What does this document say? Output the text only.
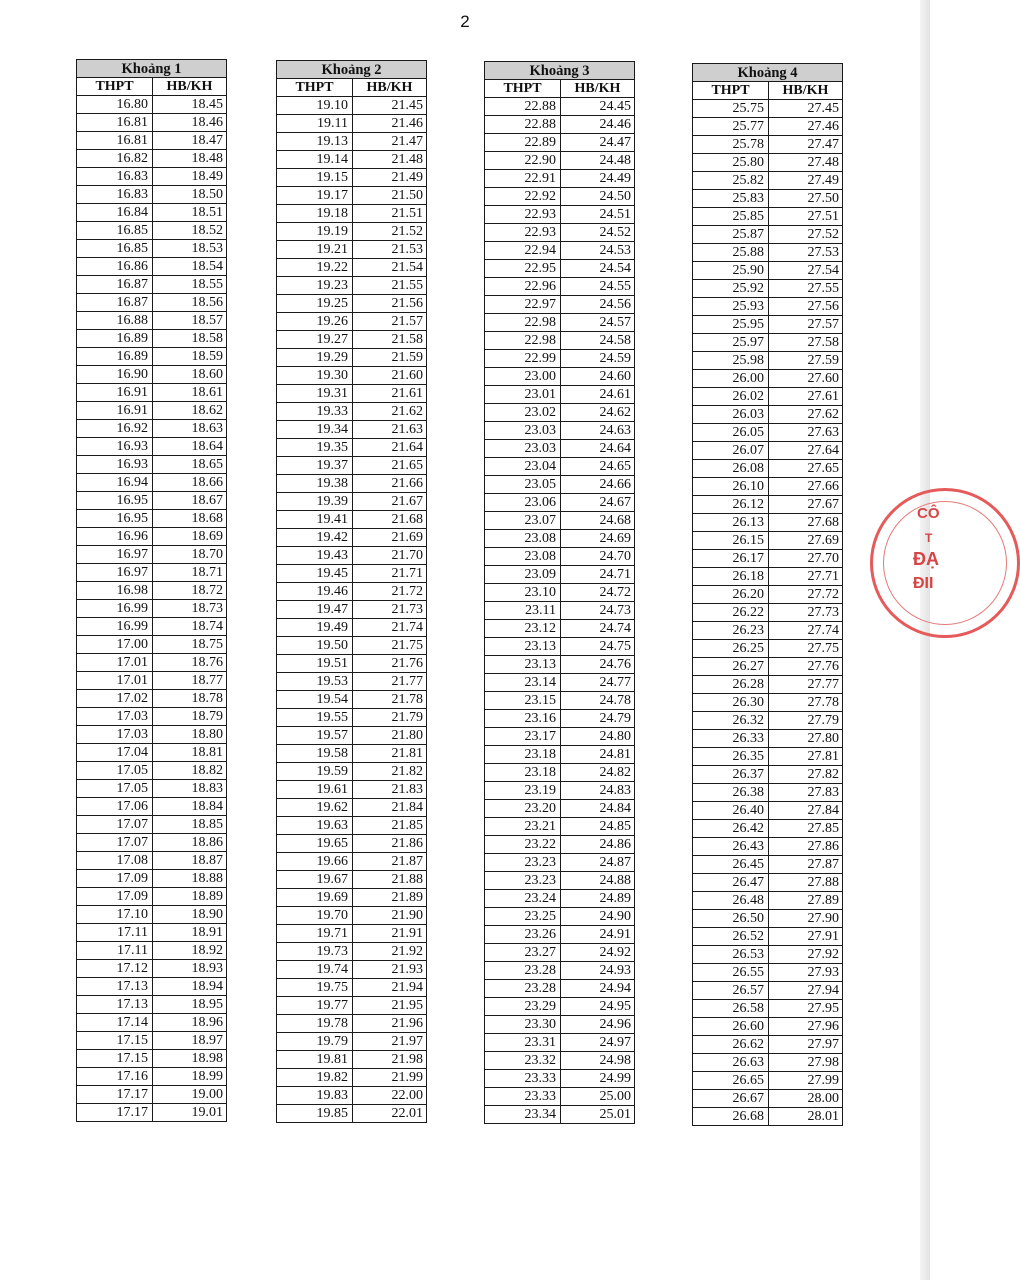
2
Khoảng 1	
THPT	HB/KH
16.80	18.45
16.81	18.46
16.81	18.47
16.82	18.48
16.83	18.49
16.83	18.50
16.84	18.51
16.85	18.52
16.85	18.53
16.86	18.54
16.87	18.55
16.87	18.56
16.88	18.57
16.89	18.58
16.89	18.59
16.90	18.60
16.91	18.61
16.91	18.62
16.92	18.63
16.93	18.64
16.93	18.65
16.94	18.66
16.95	18.67
16.95	18.68
16.96	18.69
16.97	18.70
16.97	18.71
16.98	18.72
16.99	18.73
16.99	18.74
17.00	18.75
17.01	18.76
17.01	18.77
17.02	18.78
17.03	18.79
17.03	18.80
17.04	18.81
17.05	18.82
17.05	18.83
17.06	18.84
17.07	18.85
17.07	18.86
17.08	18.87
17.09	18.88
17.09	18.89
17.10	18.90
17.11	18.91
17.11	18.92
17.12	18.93
17.13	18.94
17.13	18.95
17.14	18.96
17.15	18.97
17.15	18.98
17.16	18.99
17.17	19.00
17.17	19.01
Khoảng 2	
THPT	HB/KH
19.10	21.45
19.11	21.46
19.13	21.47
19.14	21.48
19.15	21.49
19.17	21.50
19.18	21.51
19.19	21.52
19.21	21.53
19.22	21.54
19.23	21.55
19.25	21.56
19.26	21.57
19.27	21.58
19.29	21.59
19.30	21.60
19.31	21.61
19.33	21.62
19.34	21.63
19.35	21.64
19.37	21.65
19.38	21.66
19.39	21.67
19.41	21.68
19.42	21.69
19.43	21.70
19.45	21.71
19.46	21.72
19.47	21.73
19.49	21.74
19.50	21.75
19.51	21.76
19.53	21.77
19.54	21.78
19.55	21.79
19.57	21.80
19.58	21.81
19.59	21.82
19.61	21.83
19.62	21.84
19.63	21.85
19.65	21.86
19.66	21.87
19.67	21.88
19.69	21.89
19.70	21.90
19.71	21.91
19.73	21.92
19.74	21.93
19.75	21.94
19.77	21.95
19.78	21.96
19.79	21.97
19.81	21.98
19.82	21.99
19.83	22.00
19.85	22.01
Khoảng 3	
THPT	HB/KH
22.88	24.45
22.88	24.46
22.89	24.47
22.90	24.48
22.91	24.49
22.92	24.50
22.93	24.51
22.93	24.52
22.94	24.53
22.95	24.54
22.96	24.55
22.97	24.56
22.98	24.57
22.98	24.58
22.99	24.59
23.00	24.60
23.01	24.61
23.02	24.62
23.03	24.63
23.03	24.64
23.04	24.65
23.05	24.66
23.06	24.67
23.07	24.68
23.08	24.69
23.08	24.70
23.09	24.71
23.10	24.72
23.11	24.73
23.12	24.74
23.13	24.75
23.13	24.76
23.14	24.77
23.15	24.78
23.16	24.79
23.17	24.80
23.18	24.81
23.18	24.82
23.19	24.83
23.20	24.84
23.21	24.85
23.22	24.86
23.23	24.87
23.23	24.88
23.24	24.89
23.25	24.90
23.26	24.91
23.27	24.92
23.28	24.93
23.28	24.94
23.29	24.95
23.30	24.96
23.31	24.97
23.32	24.98
23.33	24.99
23.33	25.00
23.34	25.01
Khoảng 4	
THPT	HB/KH
25.75	27.45
25.77	27.46
25.78	27.47
25.80	27.48
25.82	27.49
25.83	27.50
25.85	27.51
25.87	27.52
25.88	27.53
25.90	27.54
25.92	27.55
25.93	27.56
25.95	27.57
25.97	27.58
25.98	27.59
26.00	27.60
26.02	27.61
26.03	27.62
26.05	27.63
26.07	27.64
26.08	27.65
26.10	27.66
26.12	27.67
26.13	27.68
26.15	27.69
26.17	27.70
26.18	27.71
26.20	27.72
26.22	27.73
26.23	27.74
26.25	27.75
26.27	27.76
26.28	27.77
26.30	27.78
26.32	27.79
26.33	27.80
26.35	27.81
26.37	27.82
26.38	27.83
26.40	27.84
26.42	27.85
26.43	27.86
26.45	27.87
26.47	27.88
26.48	27.89
26.50	27.90
26.52	27.91
26.53	27.92
26.55	27.93
26.57	27.94
26.58	27.95
26.60	27.96
26.62	27.97
26.63	27.98
26.65	27.99
26.67	28.00
26.68	28.01
CÔ
T
ĐẠ
ĐII
